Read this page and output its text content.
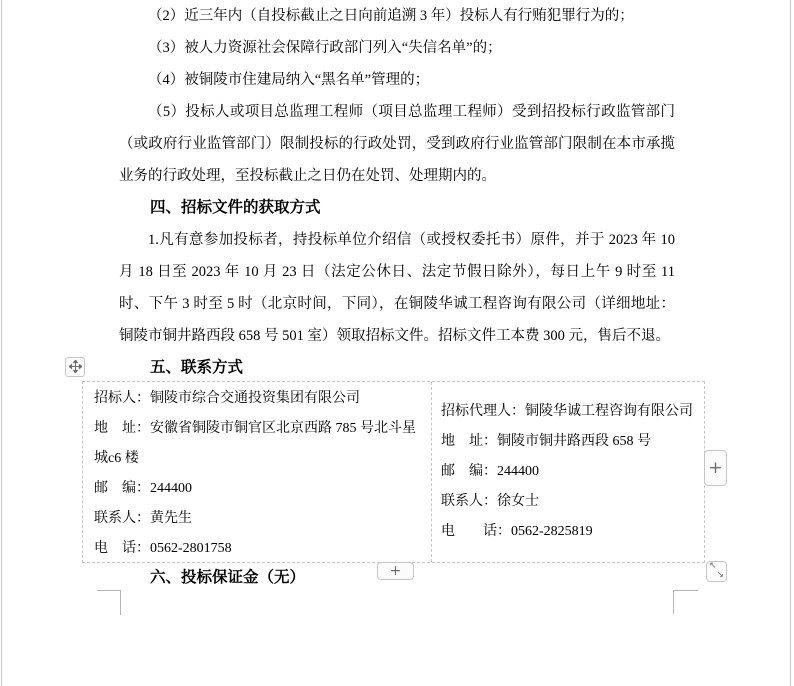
（2）近三年内（自投标截止之日向前追溯 3 年）投标人有行贿犯罪行为的；

（3）被人力资源社会保障行政部门列入“失信名单”的；

（4）被铜陵市住建局纳入“黑名单”管理的；

（5）投标人或项目总监理工程师（项目总监理工程师）受到招投标行政监管部门（或政府行业监管部门）限制投标的行政处罚，受到政府行业监管部门限制在本市承揽业务的行政处理，至投标截止之日仍在处罚、处理期内的。

四、招标文件的获取方式

1.凡有意参加投标者，持投标单位介绍信（或授权委托书）原件，并于 2023 年 10 月 18 日至 2023 年 10 月 23 日（法定公休日、法定节假日除外），每日上午 9 时至 11 时、下午 3 时至 5 时（北京时间，下同），在铜陵华诚工程咨询有限公司（详细地址：铜陵市铜井路西段 658 号 501 室）领取招标文件。招标文件工本费 300 元，售后不退。

五、联系方式

招标人：铜陵市综合交通投资集团有限公司
地　址：安徽省铜陵市铜官区北京西路 785 号北斗星城c6 楼
邮　编：244400
联系人：黄先生
电　话：0562-2801758
招标代理人：铜陵华诚工程咨询有限公司
地　址：铜陵市铜井路西段 658 号
邮　编：244400
联系人：徐女士
电　　话：0562-2825819

六、投标保证金（无）

+
+	↖
↘
